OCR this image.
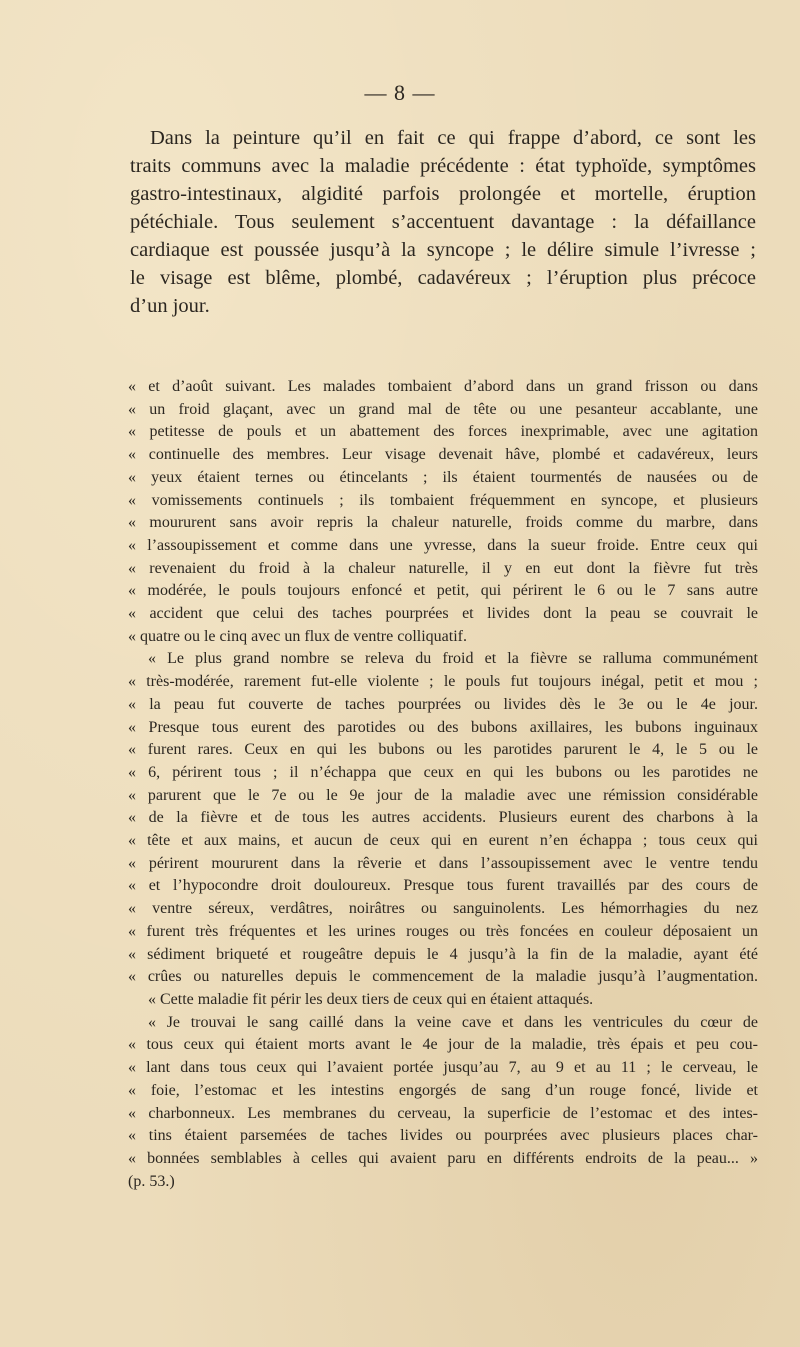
— 8 —
Dans la peinture qu’il en fait ce qui frappe d’abord, ce sont les
traits communs avec la maladie précédente : état typhoïde, symptômes
gastro-intestinaux, algidité parfois prolongée et mortelle, éruption
pétéchiale. Tous seulement s’accentuent davantage : la défaillance
cardiaque est poussée jusqu’à la syncope ; le délire simule l’ivresse ;
le visage est blême, plombé, cadavéreux ; l’éruption plus précoce
d’un jour.
« et d’août suivant. Les malades tombaient d’abord dans un grand frisson ou dans
« un froid glaçant, avec un grand mal de tête ou une pesanteur accablante, une
« petitesse de pouls et un abattement des forces inexprimable, avec une agitation
« continuelle des membres. Leur visage devenait hâve, plombé et cadavéreux, leurs
« yeux étaient ternes ou étincelants ; ils étaient tourmentés de nausées ou de
« vomissements continuels ; ils tombaient fréquemment en syncope, et plusieurs
« moururent sans avoir repris la chaleur naturelle, froids comme du marbre, dans
« l’assoupissement et comme dans une yvresse, dans la sueur froide. Entre ceux qui
« revenaient du froid à la chaleur naturelle, il y en eut dont la fièvre fut très
« modérée, le pouls toujours enfoncé et petit, qui périrent le 6 ou le 7 sans autre
« accident que celui des taches pourprées et livides dont la peau se couvrait le
« quatre ou le cinq avec un flux de ventre colliquatif.
« Le plus grand nombre se releva du froid et la fièvre se ralluma communément
« très-modérée, rarement fut-elle violente ; le pouls fut toujours inégal, petit et mou ;
« la peau fut couverte de taches pourprées ou livides dès le 3e ou le 4e jour.
« Presque tous eurent des parotides ou des bubons axillaires, les bubons inguinaux
« furent rares. Ceux en qui les bubons ou les parotides parurent le 4, le 5 ou le
« 6, périrent tous ; il n’échappa que ceux en qui les bubons ou les parotides ne
« parurent que le 7e ou le 9e jour de la maladie avec une rémission considérable
« de la fièvre et de tous les autres accidents. Plusieurs eurent des charbons à la
« tête et aux mains, et aucun de ceux qui en eurent n’en échappa ; tous ceux qui
« périrent moururent dans la rêverie et dans l’assoupissement avec le ventre tendu
« et l’hypocondre droit douloureux. Presque tous furent travaillés par des cours de
« ventre séreux, verdâtres, noirâtres ou sanguinolents. Les hémorrhagies du nez
« furent très fréquentes et les urines rouges ou très foncées en couleur déposaient un
« sédiment briqueté et rougeâtre depuis le 4 jusqu’à la fin de la maladie, ayant été
« crûes ou naturelles depuis le commencement de la maladie jusqu’à l’augmentation.
« Cette maladie fit périr les deux tiers de ceux qui en étaient attaqués.
« Je trouvai le sang caillé dans la veine cave et dans les ventricules du cœur de
« tous ceux qui étaient morts avant le 4e jour de la maladie, très épais et peu cou-
« lant dans tous ceux qui l’avaient portée jusqu’au 7, au 9 et au 11 ; le cerveau, le
« foie, l’estomac et les intestins engorgés de sang d’un rouge foncé, livide et
« charbonneux. Les membranes du cerveau, la superficie de l’estomac et des intes-
« tins étaient parsemées de taches livides ou pourprées avec plusieurs places char-
« bonnées semblables à celles qui avaient paru en différents endroits de la peau... »
(p. 53.)
